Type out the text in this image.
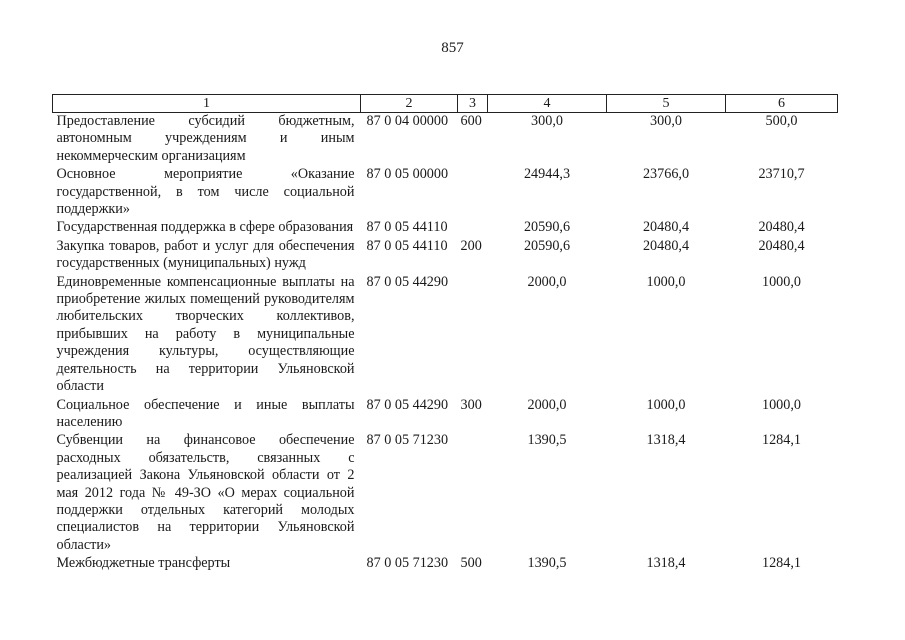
857
1	2	3	4	5	6
Предоставление субсидий бюджетным, автономным учреждениям и иным некоммерческим организациям	87 0 04 00000	600	300,0	300,0	500,0
Основное мероприятие «Оказание государственной, в том числе социальной поддержки»	87 0 05 00000		24944,3	23766,0	23710,7
Государственная поддержка в сфере образования	87 0 05 44110		20590,6	20480,4	20480,4
Закупка товаров, работ и услуг для обеспечения государственных (муниципальных) нужд	87 0 05 44110	200	20590,6	20480,4	20480,4
Единовременные компенсационные выплаты на приобретение жилых помещений руководителям любительских творческих коллективов, прибывших на работу в муниципальные учреждения культуры, осуществляющие деятельность на территории Ульяновской области	87 0 05 44290		2000,0	1000,0	1000,0
Социальное обеспечение и иные выплаты населению	87 0 05 44290	300	2000,0	1000,0	1000,0
Субвенции на финансовое обеспечение расходных обязательств, связанных с реализацией Закона Ульяновской области от 2 мая 2012 года № 49-ЗО «О мерах социальной поддержки отдельных категорий молодых специалистов на территории Ульяновской области»	87 0 05 71230		1390,5	1318,4	1284,1
Межбюджетные трансферты	87 0 05 71230	500	1390,5	1318,4	1284,1
